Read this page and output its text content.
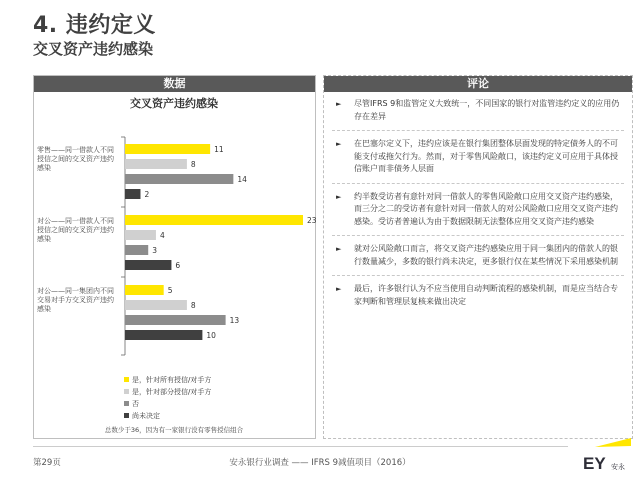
4. 违约定义
交叉资产违约感染
数据
交叉资产违约感染
零售——同一借款人不同
授信之间的交叉资产违约
感染
11
8
14
2
对公——同一借款人不同
授信之间的交叉资产违约
感染
23
4
3
6
对公——同一集团内不同
交易对手方交叉资产违约
感染
5
8
13
10
是，针对所有授信/对手方
是，针对部分授信/对手方
否
尚未决定
总数少于36，因为有一家银行没有零售授信组合
评论
► 尽管IFRS 9和监管定义大致统一，不同国家的银行对监管违约定义的应用仍存在差异
► 在巴塞尔定义下，违约应该是在银行集团整体层面发现的特定债务人的不可能支付或拖欠行为。然而，对于零售风险敞口，该违约定义可应用于具体授信账户而非债务人层面
► 约半数受访者有意针对同一借款人的零售风险敞口应用交叉资产违约感染，而三分之二的受访者有意针对同一借款人的对公风险敞口应用交叉资产违约感染。受访者普遍认为由于数据限制无法整体应用交叉资产违约感染
► 就对公风险敞口而言，将交叉资产违约感染应用于同一集团内的借款人的银行数量减少，多数的银行尚未决定，更多银行仅在某些情况下采用感染机制
► 最后，许多银行认为不应当使用自动判断流程的感染机制，而是应当结合专家判断和管理层复核来做出决定
第29页	安永银行业调查 —— IFRS 9减值项目（2016）	EY 安永
